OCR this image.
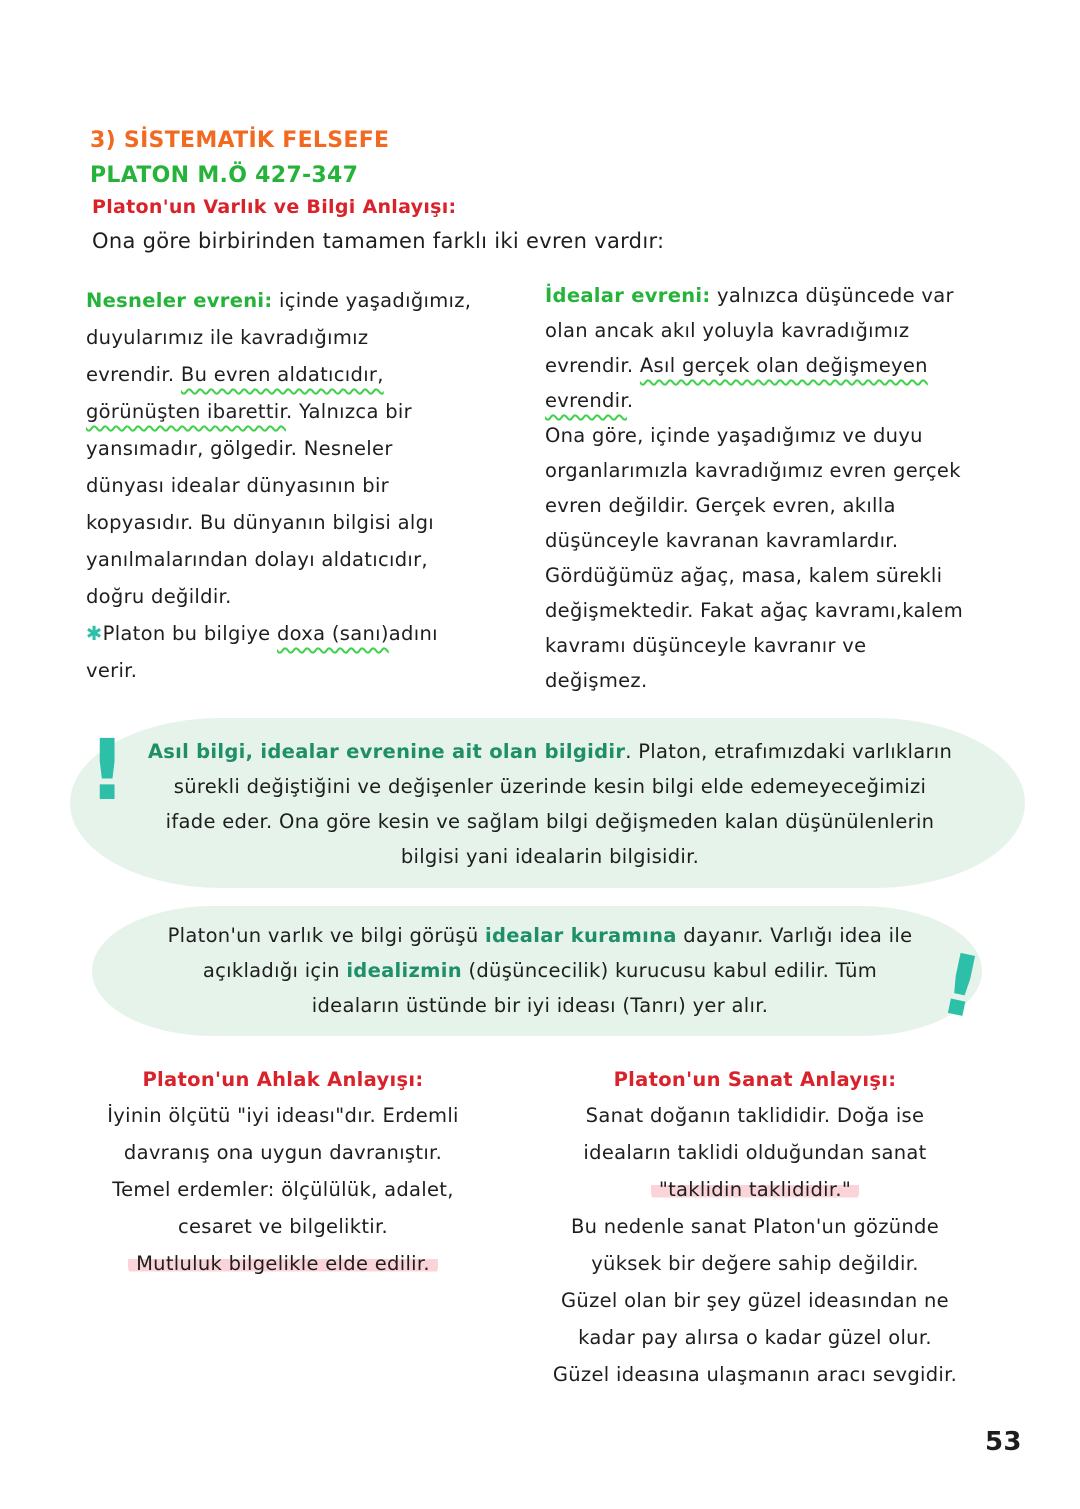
3) SİSTEMATİK FELSEFE
PLATON M.Ö 427-347
Platon'un Varlık ve Bilgi Anlayışı:
Ona göre birbirinden tamamen farklı iki evren vardır:

Nesneler evreni: içinde yaşadığımız,

duyularımız ile kavradığımız

evrendir. Bu evren aldatıcıdır,

görünüşten ibarettir. Yalnızca bir

yansımadır, gölgedir. Nesneler

dünyası idealar dünyasının bir

kopyasıdır. Bu dünyanın bilgisi algı

yanılmalarından dolayı aldatıcıdır,

doğru değildir.

✱Platon bu bilgiye doxa (sanı)adını

verir.

İdealar evreni: yalnızca düşüncede var

olan ancak akıl yoluyla kavradığımız

evrendir. Asıl gerçek olan değişmeyen

evrendir.

Ona göre, içinde yaşadığımız ve duyu

organlarımızla kavradığımız evren gerçek

evren değildir. Gerçek evren, akılla

düşünceyle kavranan kavramlardır.

Gördüğümüz ağaç, masa, kalem sürekli

değişmektedir. Fakat ağaç kavramı,kalem

kavramı düşünceyle kavranır ve

değişmez.

!	Asıl bilgi, idealar evrenine ait olan bilgidir. Platon, etrafımızdaki varlıkların

sürekli değiştiğini ve değişenler üzerinde kesin bilgi elde edemeyeceğimizi

ifade eder. Ona göre kesin ve sağlam bilgi değişmeden kalan düşünülenlerin

bilgisi yani idealarin bilgisidir.

Platon'un varlık ve bilgi görüşü idealar kuramına dayanır. Varlığı idea ile

açıkladığı için idealizmin (düşüncecilik) kurucusu kabul edilir. Tüm

ideaların üstünde bir iyi ideası (Tanrı) yer alır.	!
Platon'un Ahlak Anlayışı:

İyinin ölçütü "iyi ideası"dır. Erdemli

davranış ona uygun davranıştır.

Temel erdemler: ölçülülük, adalet,

cesaret ve bilgeliktir.

Mutluluk bilgelikle elde edilir.

Platon'un Sanat Anlayışı:

Sanat doğanın taklididir. Doğa ise

ideaların taklidi olduğundan sanat

"taklidin taklididir."

Bu nedenle sanat Platon'un gözünde

yüksek bir değere sahip değildir.

Güzel olan bir şey güzel ideasından ne

kadar pay alırsa o kadar güzel olur.

Güzel ideasına ulaşmanın aracı sevgidir.

53
